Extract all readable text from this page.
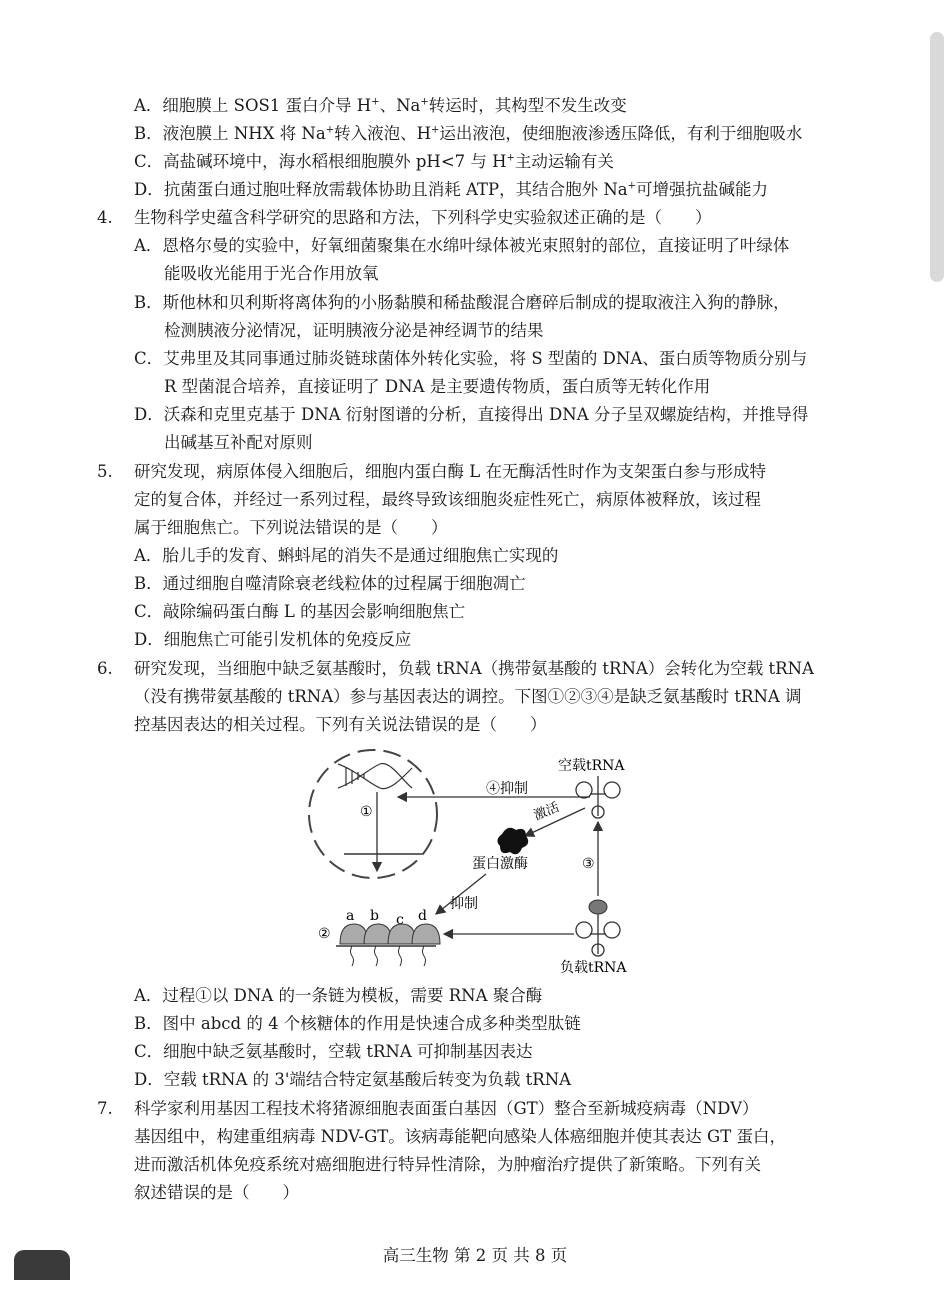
A．细胞膜上 SOS1 蛋白介导 H+、Na+转运时，其构型不发生改变
B．液泡膜上 NHX 将 Na+转入液泡、H+运出液泡，使细胞液渗透压降低，有利于细胞吸水
C．高盐碱环境中，海水稻根细胞膜外 pH<7 与 H+主动运输有关
D．抗菌蛋白通过胞吐释放需载体协助且消耗 ATP，其结合胞外 Na+可增强抗盐碱能力
4. 生物科学史蕴含科学研究的思路和方法，下列科学史实验叙述正确的是（　　）
A．恩格尔曼的实验中，好氧细菌聚集在水绵叶绿体被光束照射的部位，直接证明了叶绿体
能吸收光能用于光合作用放氧
B．斯他林和贝利斯将离体狗的小肠黏膜和稀盐酸混合磨碎后制成的提取液注入狗的静脉，
检测胰液分泌情况，证明胰液分泌是神经调节的结果
C．艾弗里及其同事通过肺炎链球菌体外转化实验，将 S 型菌的 DNA、蛋白质等物质分别与
R 型菌混合培养，直接证明了 DNA 是主要遗传物质，蛋白质等无转化作用
D．沃森和克里克基于 DNA 衍射图谱的分析，直接得出 DNA 分子呈双螺旋结构，并推导得
出碱基互补配对原则
5. 研究发现，病原体侵入细胞后，细胞内蛋白酶 L 在无酶活性时作为支架蛋白参与形成特
定的复合体，并经过一系列过程，最终导致该细胞炎症性死亡，病原体被释放，该过程
属于细胞焦亡。下列说法错误的是（　　）
A．胎儿手的发育、蝌蚪尾的消失不是通过细胞焦亡实现的
B．通过细胞自噬清除衰老线粒体的过程属于细胞凋亡
C．敲除编码蛋白酶 L 的基因会影响细胞焦亡
D．细胞焦亡可能引发机体的免疫反应
6. 研究发现，当细胞中缺乏氨基酸时，负载 tRNA（携带氨基酸的 tRNA）会转化为空载 tRNA
（没有携带氨基酸的 tRNA）参与基因表达的调控。下图①②③④是缺乏氨基酸时 tRNA 调
控基因表达的相关过程。下列有关说法错误的是（　　）
①
④抑制
空载tRNA
激活
蛋白激酶
抑制
③
负载tRNA
②
a b c d
A．过程①以 DNA 的一条链为模板，需要 RNA 聚合酶
B．图中 abcd 的 4 个核糖体的作用是快速合成多种类型肽链
C．细胞中缺乏氨基酸时，空载 tRNA 可抑制基因表达
D．空载 tRNA 的 3'端结合特定氨基酸后转变为负载 tRNA
7. 科学家利用基因工程技术将猪源细胞表面蛋白基因（GT）整合至新城疫病毒（NDV）
基因组中，构建重组病毒 NDV-GT。该病毒能靶向感染人体癌细胞并使其表达 GT 蛋白，
进而激活机体免疫系统对癌细胞进行特异性清除，为肿瘤治疗提供了新策略。下列有关
叙述错误的是（　　）
高三生物 第 2 页 共 8 页
